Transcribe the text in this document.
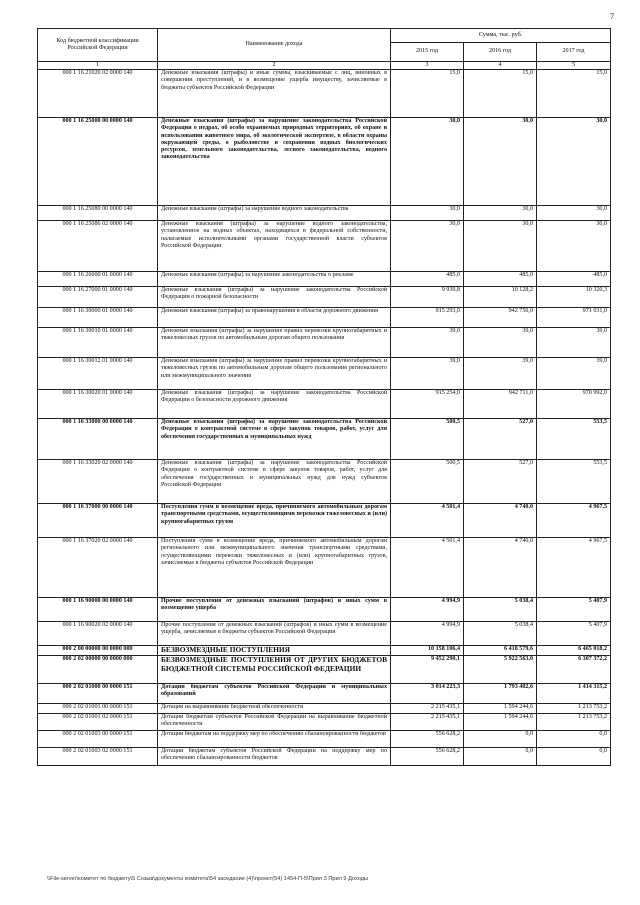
7
Код бюджетной классификации Российской Федерации	Наименование дохода	Сумма, тыс. руб.		
		2015 год	2016 год	2017 год
1	2	3	4	5
000 1 16 21020 02 0000 140	Денежные взыскания (штрафы) и иные суммы, взыскиваемые с лиц, виновных в совершении преступлений, и в возмещение ущерба имуществу, зачисляемые в бюджеты субъектов Российской Федерации	15,0	15,0	15,0
000 1 16 25000 00 0000 140	Денежные взыскания (штрафы) за нарушение законодательства Российской Федерации о недрах, об особо охраняемых природных территориях, об охране и использовании животного мира, об экологической экспертизе, в области охраны окружающей среды, о рыболовстве и сохранении водных биологических ресурсов, земельного законодательства, лесного законодательства, водного законодательства	30,0	30,0	30,0
000 1 16 25080 00 0000 140	Денежные взыскания (штрафы) за нарушение водного законодательства	30,0	30,0	30,0
000 1 16 25086 02 0000 140	Денежные взыскания (штрафы) за нарушение водного законодательства, установленное на водных объектах, находящихся в федеральной собственности, налагаемые исполнительными органами государственной власти субъектов Российской Федерации	30,0	30,0	30,0
000 1 16 26000 01 0000 140	Денежные взыскания (штрафы) за нарушение законодательства о рекламе	485,0	485,0	485,0
000 1 16 27000 01 0000 140	Денежные взыскания (штрафы) за нарушение законодательства Российской Федерации о пожарной безопасности	9 939,8	10 128,2	10 320,3
000 1 16 30000 01 0000 140	Денежные взыскания (штрафы) за правонарушения в области дорожного движения	915 293,0	942 750,0	971 031,0
000 1 16 30010 01 0000 140	Денежные взыскания (штрафы) за нарушение правил перевозки крупногабаритных и тяжеловесных грузов по автомобильным дорогам общего пользования	39,0	39,0	39,0
000 1 16 30012 01 0000 140	Денежные взыскания (штрафы) за нарушение правил перевозки крупногабаритных и тяжеловесных грузов по автомобильным дорогам общего пользования регионального или межмуниципального значения	39,0	39,0	39,0
000 1 16 30020 01 0000 140	Денежные взыскания (штрафы) за нарушение законодательства Российской Федерации о безопасности дорожного движения	915 254,0	942 711,0	970 992,0
000 1 16 33000 00 0000 140	Денежные взыскания (штрафы) за нарушение законодательства Российской Федерации о контрактной системе в сфере закупок товаров, работ, услуг для обеспечения государственных и муниципальных нужд	500,5	527,0	553,5
000 1 16 33020 02 0000 140	Денежные взыскания (штрафы) за нарушение законодательства Российской Федерации о контрактной системе в сфере закупок товаров, работ, услуг для обеспечения государственных и муниципальных нужд для нужд субъектов Российской Федерации	500,5	527,0	553,5
000 1 16 37000 00 0000 140	Поступления сумм в возмещение вреда, причиняемого автомобильным дорогам транспортными средствами, осуществляющими перевозки тяжеловесных и (или) крупногабаритных грузов	4 501,4	4 740,0	4 967,5
000 1 16 37020 02 0000 140	Поступления сумм в возмещение вреда, причиняемого автомобильным дорогам регионального или межмуниципального значения транспортными средствами, осуществляющими перевозки тяжеловесных и (или) крупногабаритных грузов, зачисляемые в бюджеты субъектов Российской Федерации	4 501,4	4 740,0	4 967,5
000 1 16 90000 00 0000 140	Прочие поступления от денежных взысканий (штрафов) и иных сумм в возмещение ущерба	4 994,9	5 038,4	5 407,9
000 1 16 90020 02 0000 140	Прочие поступления от денежных взысканий (штрафов) и иных сумм в возмещение ущерба, зачисляемые в бюджеты субъектов Российской Федерации	4 994,9	5 038,4	5 407,9
000 2 00 00000 00 0000 000	БЕЗВОЗМЕЗДНЫЕ ПОСТУПЛЕНИЯ	10 158 106,4	6 418 579,6	6 465 018,2
000 2 02 00000 00 0000 000	БЕЗВОЗМЕЗДНЫЕ ПОСТУПЛЕНИЯ ОТ ДРУГИХ БЮДЖЕТОВ БЮДЖЕТНОЙ СИСТЕМЫ РОССИЙСКОЙ ФЕДЕРАЦИИ	9 452 290,1	5 922 563,0	6 307 372,2
000 2 02 01000 00 0000 151	Дотации бюджетам субъектов Российской Федерации и муниципальных образований	3 014 223,3	1 793 402,6	1 414 315,2
000 2 02 01001 00 0000 151	Дотации на выравнивание бюджетной обеспеченности	2 215 435,1	1 594 244,6	1 213 753,2
000 2 02 01001 02 0000 151	Дотации бюджетам субъектов Российской Федерации на выравнивание бюджетной обеспеченности	2 215 435,1	1 594 244,6	1 213 753,2
000 2 02 01003 00 0000 151	Дотации бюджетам на поддержку мер по обеспечению сбалансированности бюджетов	556 628,2	0,0	0,0
000 2 02 01003 02 0000 151	Дотации бюджетам субъектов Российской Федерации на поддержку мер по обеспечению сбалансированности бюджетов	556 628,2	0,0	0,0
\\File-server\комитет по бюджету\5 Созыв\документы комитета\54 заседание (4)\проект(54) 1454-П-5\Прил 3 Прил 9 Доходы
